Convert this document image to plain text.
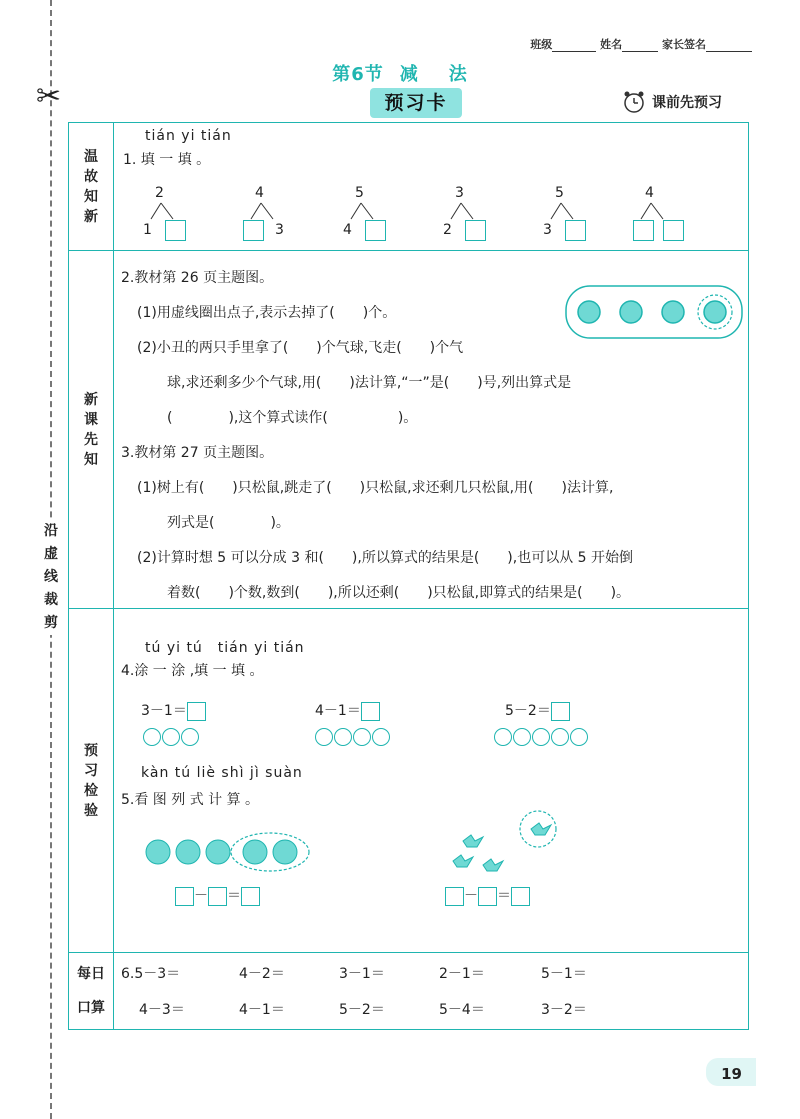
✂
沿
虚
线
裁
剪
班级	姓名	家长签名
第6节 减 法
预习卡	课前先预习
温
故
知
新
tián yi tián
1. 填 一 填 。
2
1
4
3
5
4
3
2
5
3
4
新
课
先
知
2.教材第 26 页主题图。
(1)用虚线圈出点子,表示去掉了(　　)个。
(2)小丑的两只手里拿了(　　)个气球,飞走(　　)个气
球,求还剩多少个气球,用(　　)法计算,“一”是(　　)号,列出算式是
(　　　　),这个算式读作(　　　　　)。
3.教材第 27 页主题图。
(1)树上有(　　)只松鼠,跳走了(　　)只松鼠,求还剩几只松鼠,用(　　)法计算,
列式是(　　　　)。
(2)计算时想 5 可以分成 3 和(　　),所以算式的结果是(　　),也可以从 5 开始倒
着数(　　)个数,数到(　　),所以还剩(　　)只松鼠,即算式的结果是(　　)。
预
习
检
验
tú yi tú　tián yi tián
4.涂 一 涂 ,填 一 填 。
3－1＝	4－1＝	5－2＝
kàn tú liè shì jì suàn
5.看 图 列 式 计 算 。
－ ＝	－ ＝
每日
口算
6.5－3＝	4－2＝	3－1＝	2－1＝	5－1＝
4－3＝	4－1＝	5－2＝	5－4＝	3－2＝
19
